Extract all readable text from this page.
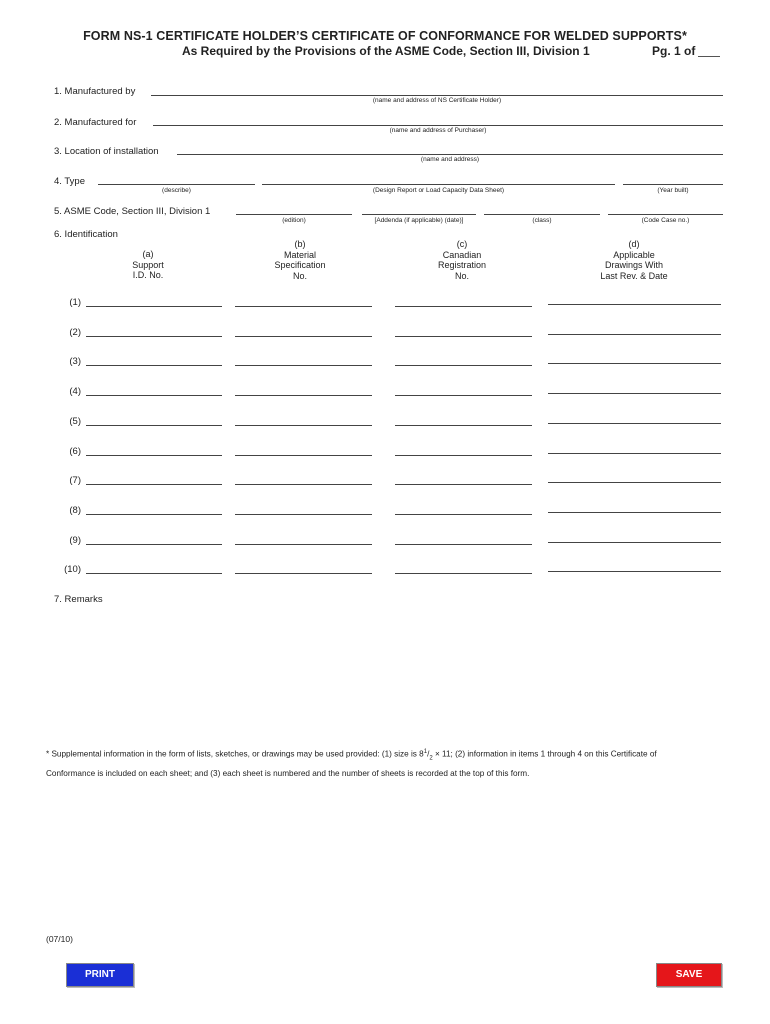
FORM NS-1 CERTIFICATE HOLDER’S CERTIFICATE OF CONFORMANCE FOR WELDED SUPPORTS*
As Required by the Provisions of the ASME Code, Section III, Division 1	Pg. 1 of
1. Manufactured by
(name and address of NS Certificate Holder)
2. Manufactured for
(name and address of Purchaser)
3. Location of installation
(name and address)
4. Type
(describe)	(Design Report or Load Capacity Data Sheet)	(Year built)
5. ASME Code, Section III, Division 1
(edition)	[Addenda (if applicable) (date)]	(class)	(Code Case no.)
6. Identification
(a)
Support
I.D. No.
(b)
Material
Specification
No.
(c)
Canadian
Registration
No.
(d)
Applicable
Drawings With
Last Rev. & Date
(1)
(2)
(3)
(4)
(5)
(6)
(7)
(8)
(9)
(10)
7. Remarks
* Supplemental information in the form of lists, sketches, or drawings may be used provided: (1) size is $8^1/_2 \times 11$; (2) information in items 1 through 4 on this Certificate of
Conformance is included on each sheet; and (3) each sheet is numbered and the number of sheets is recorded at the top of this form.
(07/10)
PRINT	SAVE
